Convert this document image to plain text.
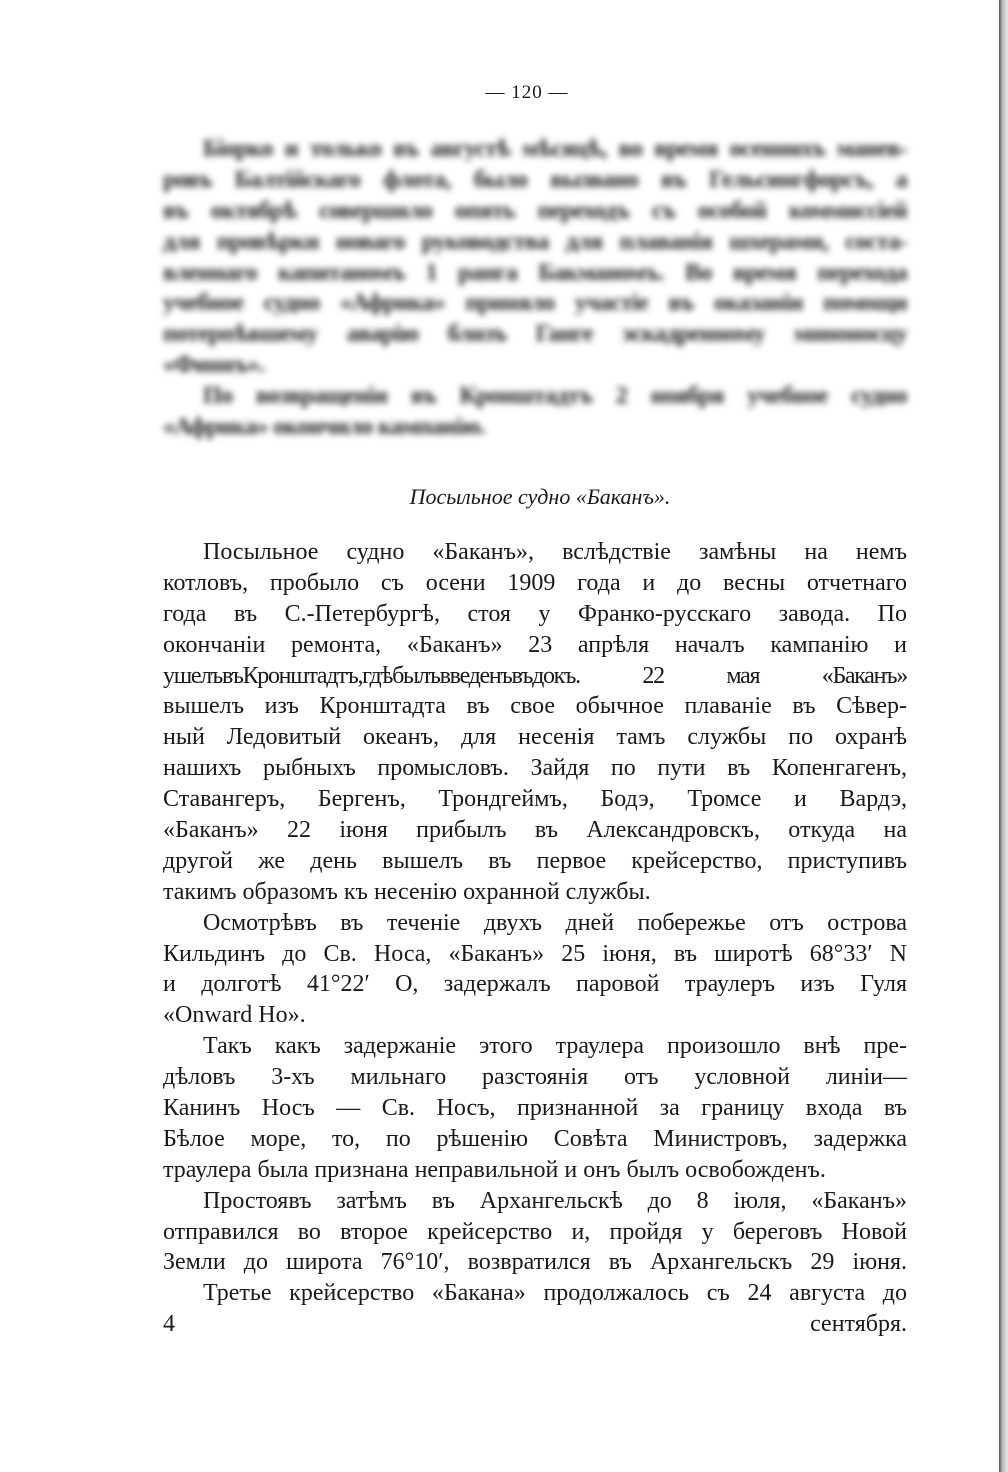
— 120 —
Бiорко и только въ августѣ мѣсяцѣ, во время осеннихъ манев-
ровъ Балтiйскаго флота, было вызвано въ Гельсингфорсъ, а
въ октябрѣ совершило опять переходъ съ особой коммиссiей
для провѣрки новаго руководства для плаванiя шхерами, соста-
вленнаго капитаномъ 1 ранга Бакманомъ. Во время перехода
учебное судно «Африка» приняло участiе въ оказанiи помощи
потерпѣвшему аварiю близъ Ганге эскадренному миноносцу
«Финнъ».
По возвращенiи въ Кронштадтъ 2 ноября учебное судно
«Африка» окончило кампанiю.
Посыльное судно «Баканъ».
Посыльное судно «Баканъ», вслѣдствiе замѣны на немъ
котловъ, пробыло съ осени 1909 года и до весны отчетнаго
года въ С.-Петербургѣ, стоя у Франко-русскаго завода. По
окончанiи ремонта, «Баканъ» 23 апрѣля началъ кампанiю и
ушелъвъКронштадтъ,гдѣбылъвведенъвъдокъ. 22 мая «Баканъ»
вышелъ изъ Кронштадта въ свое обычное плаванiе въ Сѣвер-
ный Ледовитый океанъ, для несенiя тамъ службы по охранѣ
нашихъ рыбныхъ промысловъ. Зайдя по пути въ Копенгагенъ,
Ставангеръ, Бергенъ, Трондгеймъ, Бодэ, Тромсе и Вардэ,
«Баканъ» 22 iюня прибылъ въ Александровскъ, откуда на
другой же день вышелъ въ первое крейсерство, приступивъ
такимъ образомъ къ несенiю охранной службы.
Осмотрѣвъ въ теченiе двухъ дней побережье отъ острова
Кильдинъ до Св. Носа, «Баканъ» 25 iюня, въ широтѣ 68°33′ N
и долготѣ 41°22′ O, задержалъ паровой траулеръ изъ Гуля
«Onward Ho».
Такъ какъ задержанiе этого траулера произошло внѣ пре-
дѣловъ 3-хъ мильнаго разстоянiя отъ условной линiи—
Канинъ Носъ — Св. Носъ, признанной за границу входа въ
Бѣлое море, то, по рѣшенiю Совѣта Министровъ, задержка
траулера была признана неправильной и онъ былъ освобожденъ.
Простоявъ затѣмъ въ Архангельскѣ до 8 iюля, «Баканъ»
отправился во второе крейсерство и, пройдя у береговъ Новой
Земли до широта 76°10′, возвратился въ Архангельскъ 29 iюня.
Третье крейсерство «Бакана» продолжалось съ 24 августа до
4 сентября.
